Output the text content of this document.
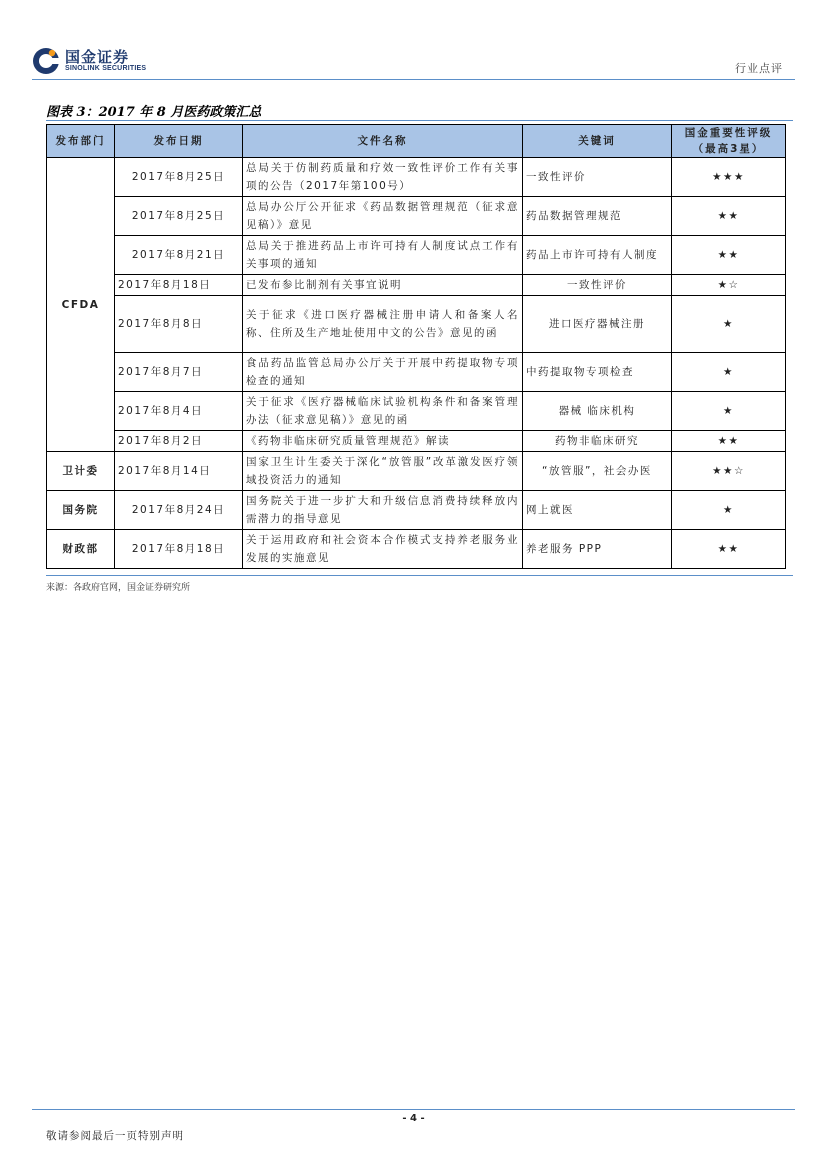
国金证券
SINOLINK SECURITIES	行业点评
图表 3：2017 年 8 月医药政策汇总
发布部门	发布日期	文件名称	关键词	国金重要性评级
（最高3星）

CFDA	2017年8月25日	总局关于仿制药质量和疗效一致性评价工作有关事项的公告（2017年第100号）	一致性评价	★★★
	2017年8月25日	总局办公厅公开征求《药品数据管理规范（征求意见稿）》意见	药品数据管理规范	★★
	2017年8月21日	总局关于推进药品上市许可持有人制度试点工作有关事项的通知	药品上市许可持有人制度	★★
	2017年8月18日	已发布参比制剂有关事宜说明	一致性评价	★☆
	2017年8月8日	关于征求《进口医疗器械注册申请人和备案人名称、住所及生产地址使用中文的公告》意见的函	进口医疗器械注册	★
	2017年8月7日	食品药品监管总局办公厅关于开展中药提取物专项检查的通知	中药提取物专项检查	★
	2017年8月4日	关于征求《医疗器械临床试验机构条件和备案管理办法（征求意见稿）》意见的函	器械 临床机构	★
	2017年8月2日	《药物非临床研究质量管理规范》解读	药物非临床研究	★★
卫计委	2017年8月14日	国家卫生计生委关于深化“放管服”改革激发医疗领域投资活力的通知	“放管服”，社会办医	★★☆
国务院	2017年8月24日	国务院关于进一步扩大和升级信息消费持续释放内需潜力的指导意见	网上就医	★
财政部	2017年8月18日	关于运用政府和社会资本合作模式支持养老服务业发展的实施意见	养老服务 PPP	★★
来源：各政府官网，国金证券研究所
- 4 -
敬请参阅最后一页特别声明
